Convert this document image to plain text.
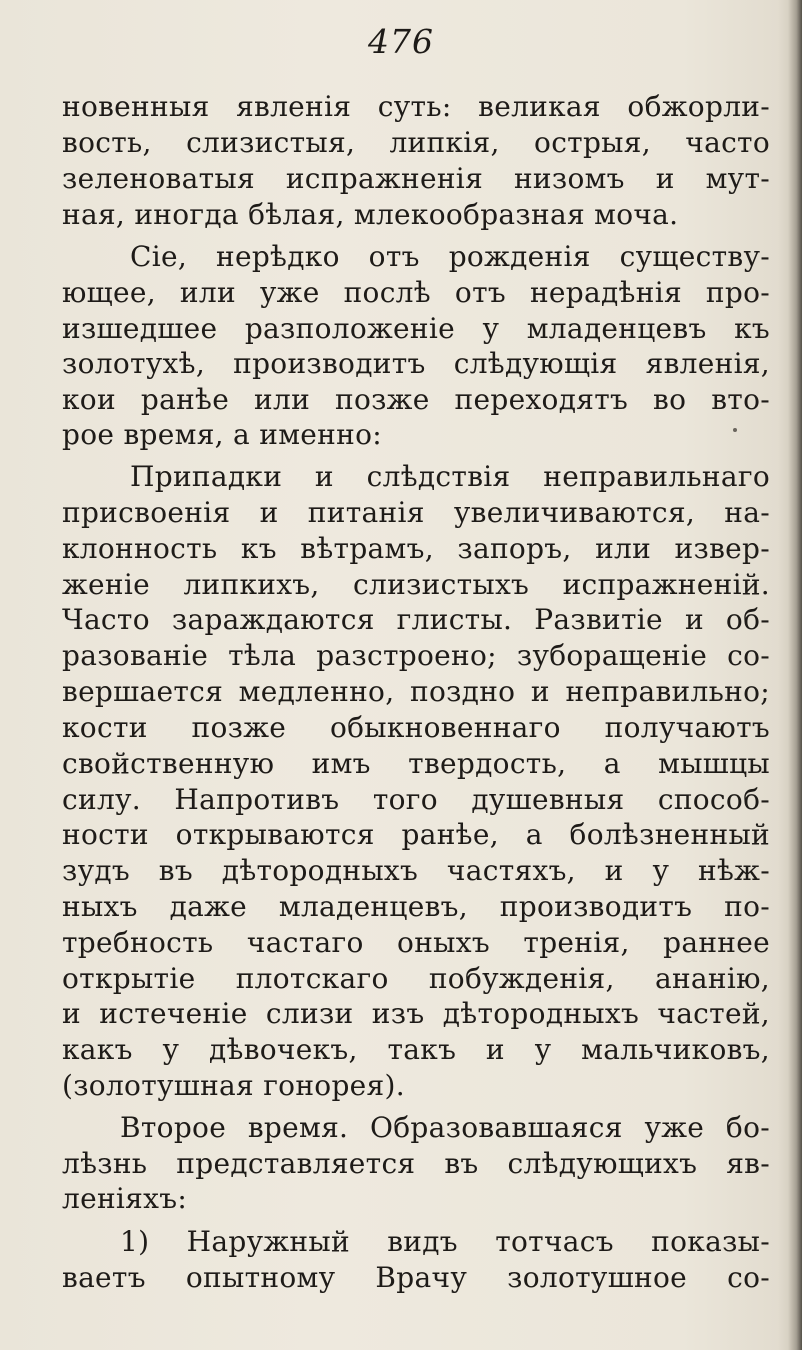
476
новенныя явленія суть: великая обжорли-
вость, слизистыя, липкія, острыя, часто
зеленоватыя испражненія низомъ и мут-
ная, иногда бѣлая, млекообразная моча.
Сіе, нерѣдко отъ рожденія существу-
ющее, или уже послѣ отъ нерадѣнія про-
изшедшее разположеніе у младенцевъ къ
золотухѣ, производитъ слѣдующія явленія,
кои ранѣе или позже переходятъ во вто-
рое время, а именно:
Припадки и слѣдствія неправильнаго
присвоенія и питанія увеличиваются, на-
клонность къ вѣтрамъ, запоръ, или извер-
женіе липкихъ, слизистыхъ испражненій.
Часто зараждаются глисты. Развитіе и об-
разованіе тѣла разстроено; зубоpащеніе со-
вершается медленно, поздно и неправильно;
кости позже обыкновеннаго получаютъ
свойственную имъ твердость, а мышцы
силу. Напротивъ того душевныя способ-
ности открываются ранѣе, а болѣзненный
зудъ въ дѣтородныхъ частяхъ, и у нѣж-
ныхъ даже младенцевъ, производитъ по-
требность частаго оныхъ тренія, раннее
открытіе плотскаго побужденія, ананію,
и истеченіе слизи изъ дѣтородныхъ частей,
какъ у дѣвочекъ, такъ и у мальчиковъ,
(золотушная гонорея).
Второе время. Образовавшаяся уже бо-
лѣзнь представляется въ слѣдующихъ яв-
леніяхъ:
1) Наружный видъ тотчасъ показы-
ваетъ опытному Врачу золотушное со-
